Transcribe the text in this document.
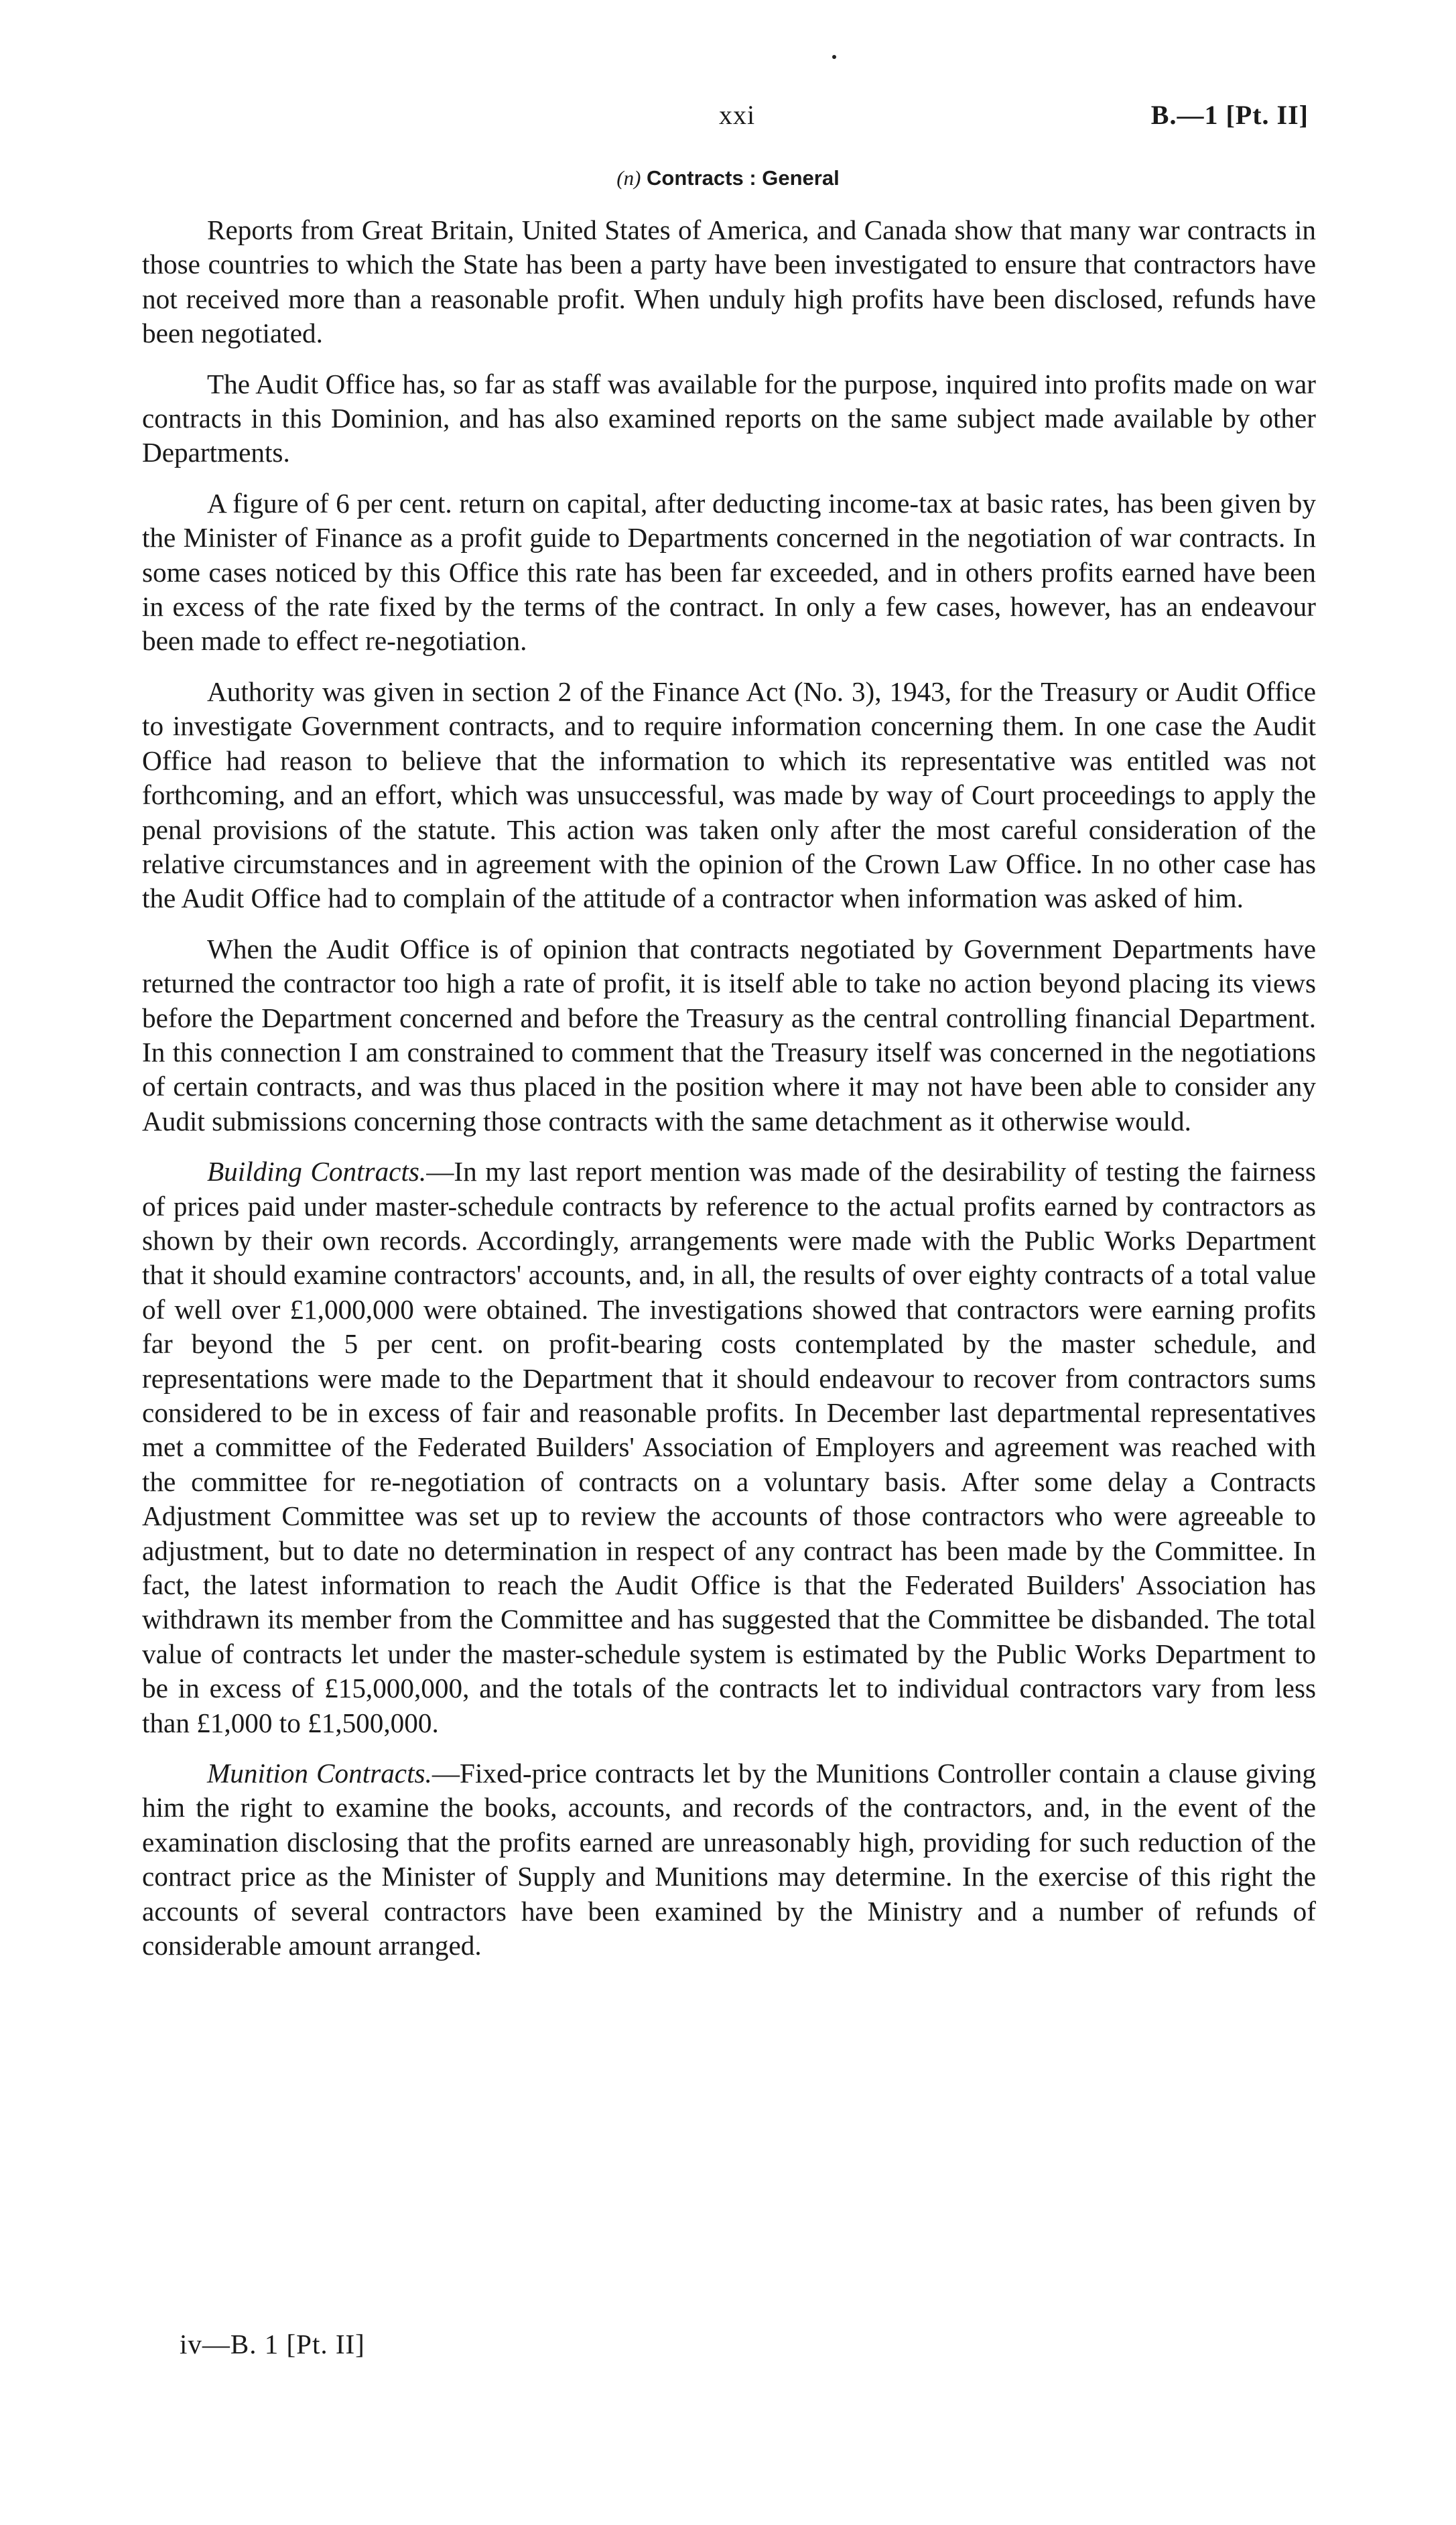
xxi	B.—1 [Pt. II]
(n) Contracts : General

Reports from Great Britain, United States of America, and Canada show that many war contracts in those countries to which the State has been a party have been investigated to ensure that contractors have not received more than a reasonable profit. When unduly high profits have been disclosed, refunds have been negotiated.

The Audit Office has, so far as staff was available for the purpose, inquired into profits made on war contracts in this Dominion, and has also examined reports on the same subject made available by other Departments.

A figure of 6 per cent. return on capital, after deducting income-tax at basic rates, has been given by the Minister of Finance as a profit guide to Departments concerned in the negotiation of war contracts. In some cases noticed by this Office this rate has been far exceeded, and in others profits earned have been in excess of the rate fixed by the terms of the contract. In only a few cases, however, has an endeavour been made to effect re-negotiation.

Authority was given in section 2 of the Finance Act (No. 3), 1943, for the Treasury or Audit Office to investigate Government contracts, and to require information concerning them. In one case the Audit Office had reason to believe that the information to which its representative was entitled was not forthcoming, and an effort, which was unsuccessful, was made by way of Court proceedings to apply the penal provisions of the statute. This action was taken only after the most careful consideration of the relative circumstances and in agreement with the opinion of the Crown Law Office. In no other case has the Audit Office had to complain of the attitude of a contractor when information was asked of him.

When the Audit Office is of opinion that contracts negotiated by Government Departments have returned the contractor too high a rate of profit, it is itself able to take no action beyond placing its views before the Department concerned and before the Treasury as the central controlling financial Department. In this connection I am constrained to comment that the Treasury itself was concerned in the negotiations of certain contracts, and was thus placed in the position where it may not have been able to consider any Audit submissions concerning those contracts with the same detachment as it otherwise would.

Building Contracts.—In my last report mention was made of the desirability of testing the fairness of prices paid under master-schedule contracts by reference to the actual profits earned by contractors as shown by their own records. Accordingly, arrangements were made with the Public Works Department that it should examine contractors' accounts, and, in all, the results of over eighty contracts of a total value of well over £1,000,000 were obtained. The investigations showed that contractors were earning profits far beyond the 5 per cent. on profit-bearing costs contemplated by the master schedule, and representations were made to the Department that it should endeavour to recover from contractors sums considered to be in excess of fair and reasonable profits. In December last departmental representatives met a committee of the Federated Builders' Association of Employers and agreement was reached with the committee for re-negotiation of contracts on a voluntary basis. After some delay a Contracts Adjustment Committee was set up to review the accounts of those contractors who were agreeable to adjustment, but to date no determination in respect of any contract has been made by the Committee. In fact, the latest information to reach the Audit Office is that the Federated Builders' Association has withdrawn its member from the Committee and has suggested that the Committee be disbanded. The total value of contracts let under the master-schedule system is estimated by the Public Works Department to be in excess of £15,000,000, and the totals of the contracts let to individual contractors vary from less than £1,000 to £1,500,000.

Munition Contracts.—Fixed-price contracts let by the Munitions Controller contain a clause giving him the right to examine the books, accounts, and records of the contractors, and, in the event of the examination disclosing that the profits earned are unreasonably high, providing for such reduction of the contract price as the Minister of Supply and Munitions may determine. In the exercise of this right the accounts of several contractors have been examined by the Ministry and a number of refunds of considerable amount arranged.

iv—B. 1 [Pt. II]
